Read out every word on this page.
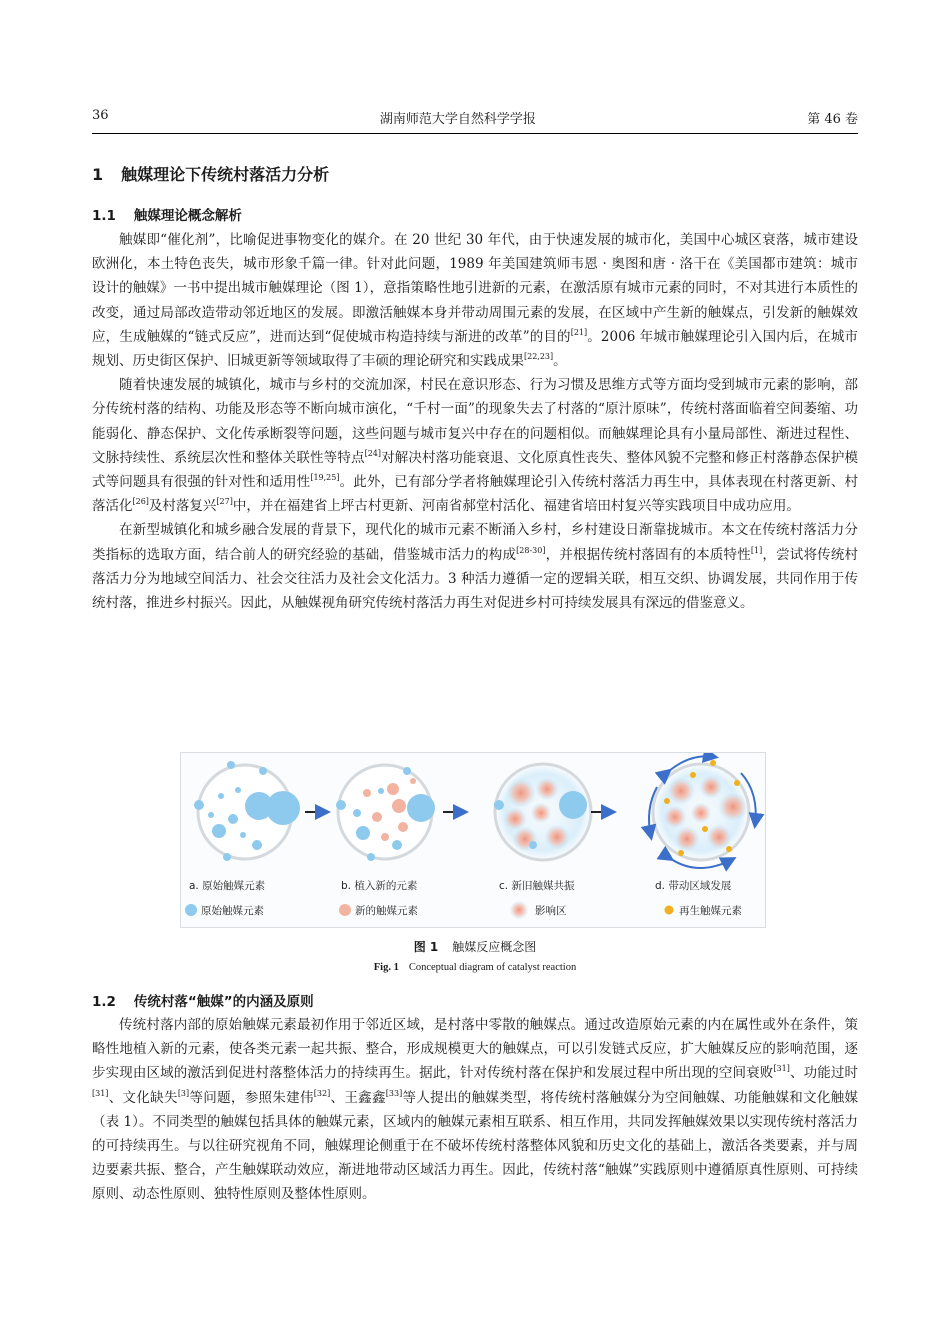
36	湖南师范大学自然科学学报	第 46 卷
1 触媒理论下传统村落活力分析
1.1 触媒理论概念解析

触媒即“催化剂”，比喻促进事物变化的媒介。在 20 世纪 30 年代，由于快速发展的城市化，美国中心城区衰落，城市建设欧洲化，本土特色丧失，城市形象千篇一律。针对此问题，1989 年美国建筑师韦恩 · 奥图和唐 · 洛干在《美国都市建筑：城市设计的触媒》一书中提出城市触媒理论（图 1），意指策略性地引进新的元素，在激活原有城市元素的同时，不对其进行本质性的改变，通过局部改造带动邻近地区的发展。即激活触媒本身并带动周围元素的发展，在区域中产生新的触媒点，引发新的触媒效应，生成触媒的“链式反应”，进而达到“促使城市构造持续与渐进的改革”的目的[21]。2006 年城市触媒理论引入国内后，在城市规划、历史街区保护、旧城更新等领域取得了丰硕的理论研究和实践成果[22,23]。

随着快速发展的城镇化，城市与乡村的交流加深，村民在意识形态、行为习惯及思维方式等方面均受到城市元素的影响，部分传统村落的结构、功能及形态等不断向城市演化，“千村一面”的现象失去了村落的“原汁原味”，传统村落面临着空间萎缩、功能弱化、静态保护、文化传承断裂等问题，这些问题与城市复兴中存在的问题相似。而触媒理论具有小量局部性、渐进过程性、文脉持续性、系统层次性和整体关联性等特点[24]对解决村落功能衰退、文化原真性丧失、整体风貌不完整和修正村落静态保护模式等问题具有很强的针对性和适用性[19,25]。此外，已有部分学者将触媒理论引入传统村落活力再生中，具体表现在村落更新、村落活化[26]及村落复兴[27]中，并在福建省上坪古村更新、河南省郝堂村活化、福建省培田村复兴等实践项目中成功应用。

在新型城镇化和城乡融合发展的背景下，现代化的城市元素不断涌入乡村，乡村建设日渐靠拢城市。本文在传统村落活力分类指标的选取方面，结合前人的研究经验的基础，借鉴城市活力的构成[28-30]，并根据传统村落固有的本质特性[1]，尝试将传统村落活力分为地域空间活力、社会交往活力及社会文化活力。3 种活力遵循一定的逻辑关联，相互交织、协调发展，共同作用于传统村落，推进乡村振兴。因此，从触媒视角研究传统村落活力再生对促进乡村可持续发展具有深远的借鉴意义。

a. 原始触媒元素	b. 植入新的元素	c. 新旧触媒共振	d. 带动区域发展
原始触媒元素	新的触媒元素	影响区	再生触媒元素
图 1 触媒反应概念图
Fig. 1 Conceptual diagram of catalyst reaction
1.2 传统村落“触媒”的内涵及原则

传统村落内部的原始触媒元素最初作用于邻近区域，是村落中零散的触媒点。通过改造原始元素的内在属性或外在条件，策略性地植入新的元素，使各类元素一起共振、整合，形成规模更大的触媒点，可以引发链式反应，扩大触媒反应的影响范围，逐步实现由区域的激活到促进村落整体活力的持续再生。据此，针对传统村落在保护和发展过程中所出现的空间衰败[31]、功能过时[31]、文化缺失[3]等问题，参照朱建伟[32]、王鑫鑫[33]等人提出的触媒类型，将传统村落触媒分为空间触媒、功能触媒和文化触媒（表 1）。不同类型的触媒包括具体的触媒元素，区域内的触媒元素相互联系、相互作用，共同发挥触媒效果以实现传统村落活力的可持续再生。与以往研究视角不同，触媒理论侧重于在不破坏传统村落整体风貌和历史文化的基础上，激活各类要素，并与周边要素共振、整合，产生触媒联动效应，渐进地带动区域活力再生。因此，传统村落“触媒”实践原则中遵循原真性原则、可持续原则、动态性原则、独特性原则及整体性原则。
